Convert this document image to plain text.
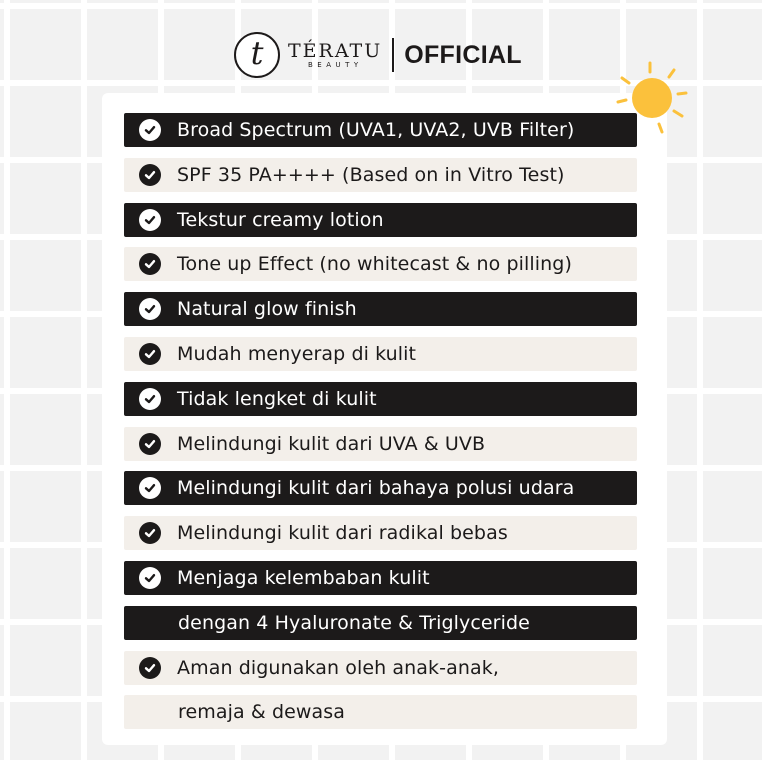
t TÉRATU
BEAUTY	OFFICIAL
Broad Spectrum (UVA1, UVA2, UVB Filter)
SPF 35 PA++++ (Based on in Vitro Test)
Tekstur creamy lotion
Tone up Effect (no whitecast & no pilling)
Natural glow finish
Mudah menyerap di kulit
Tidak lengket di kulit
Melindungi kulit dari UVA & UVB
Melindungi kulit dari bahaya polusi udara
Melindungi kulit dari radikal bebas
Menjaga kelembaban kulit
dengan 4 Hyaluronate & Triglyceride
Aman digunakan oleh anak-anak,
remaja & dewasa
